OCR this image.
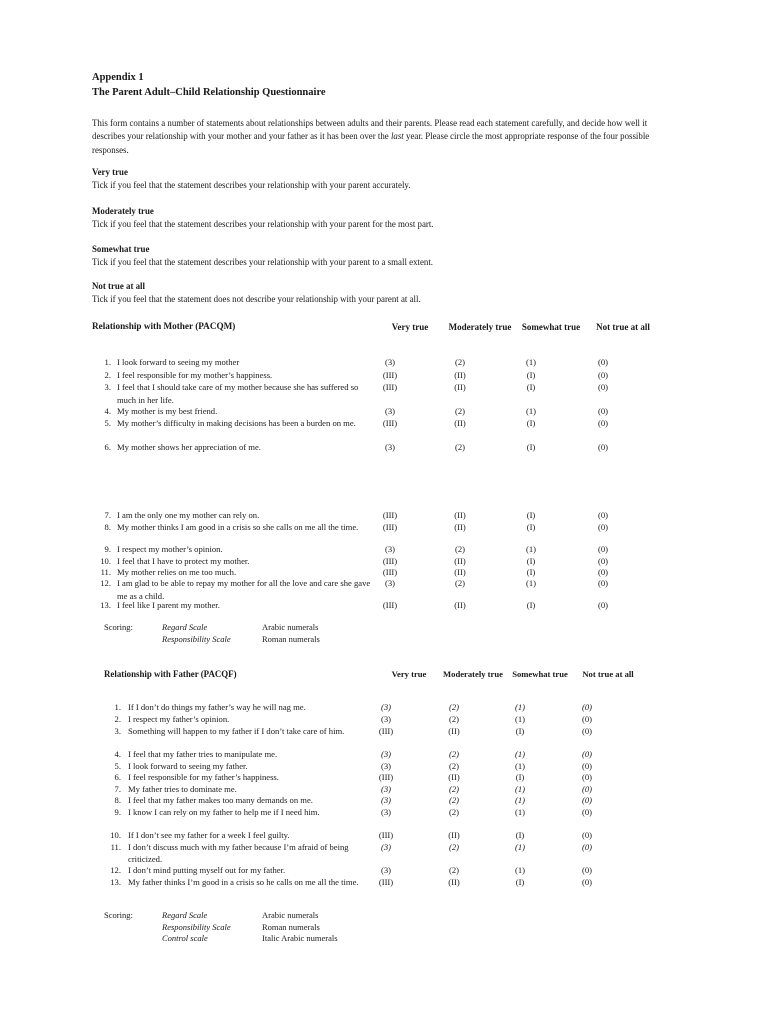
Appendix 1
The Parent Adult–Child Relationship Questionnaire
This form contains a number of statements about relationships between adults and their parents. Please read each statement carefully, and decide how well it describes your relationship with your mother and your father as it has been over the last year. Please circle the most appropriate response of the four possible responses.
Very true
Tick if you feel that the statement describes your relationship with your parent accurately.
Moderately true
Tick if you feel that the statement describes your relationship with your parent for the most part.
Somewhat true
Tick if you feel that the statement describes your relationship with your parent to a small extent.
Not true at all
Tick if you feel that the statement does not describe your relationship with your parent at all.
Relationship with Mother (PACQM)	Very true	Moderately true Somewhat true	Not true at all
1. I look forward to seeing my mother	(3)	(2)	(1)	(0)
2. I feel responsible for my mother’s happiness.	(III)	(II)	(I)	(0)
3. I feel that I should take care of my mother because she has suffered so much in her life.
(III)	(II)	(I)	(0)
4. My mother is my best friend.	(3)	(2)	(1)	(0)
5. My mother’s difficulty in making decisions has been a burden on me.	(III)	(II)	(I)	(0)
6. My mother shows her appreciation of me.	(3)	(2)	(I)	(0)
7. I am the only one my mother can rely on.	(III)	(II)	(I)	(0)
8. My mother thinks I am good in a crisis so she calls on me all the time.	(III)	(II)	(I)	(0)
9. I respect my mother’s opinion.	(3)	(2)	(1)	(0)
10. I feel that I have to protect my mother.	(III)	(II)	(I)	(0)
11. My mother relies on me too much.	(III)	(II)	(I)	(0)
12. I am glad to be able to repay my mother for all the love and care she gave me as a child.
(3)	(2)	(1)	(0)
13. I feel like I parent my mother.	(III)	(II)	(I)	(0)
Scoring:	Regard Scale	Arabic numerals
Responsibility Scale	Roman numerals
Relationship with Father (PACQF)	Very true	Moderately true Somewhat true	Not true at all
1. If I don’t do things my father’s way he will nag me.	(3)	(2)	(1)	(0)
2. I respect my father’s opinion.	(3)	(2)	(1)	(0)
3. Something will happen to my father if I don’t take care of him.	(III)	(II)	(I)	(0)
4. I feel that my father tries to manipulate me.	(3)	(2)	(1)	(0)
5. I look forward to seeing my father.	(3)	(2)	(1)	(0)
6. I feel responsible for my father’s happiness.	(III)	(II)	(I)	(0)
7. My father tries to dominate me.	(3)	(2)	(1)	(0)
8. I feel that my father makes too many demands on me.	(3)	(2)	(1)	(0)
9. I know I can rely on my father to help me if I need him.	(3)	(2)	(1)	(0)
10. If I don’t see my father for a week I feel guilty.	(III)	(II)	(I)	(0)
11. I don’t discuss much with my father because I’m afraid of being criticized.
(3)	(2)	(1)	(0)
12. I don’t mind putting myself out for my father.	(3)	(2)	(1)	(0)
13. My father thinks I’m good in a crisis so he calls on me all the time.	(III)	(II)	(I)	(0)
Scoring:	Regard Scale	Arabic numerals
Responsibility Scale	Roman numerals
Control scale	Italic Arabic numerals
